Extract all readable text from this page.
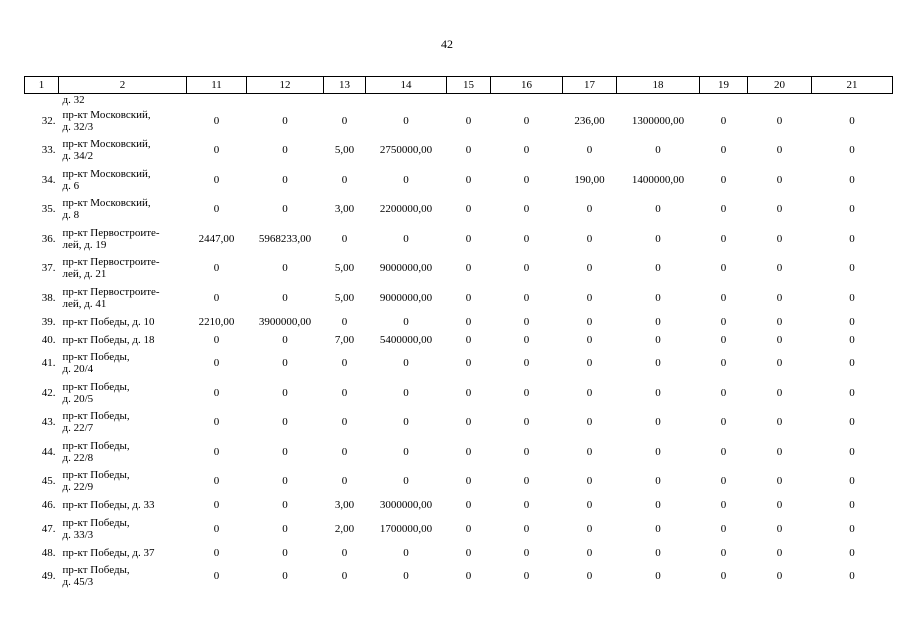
42
1	2	11	12	13	14	15	16	17	18	19	20	21
	д. 32											
32.	пр-кт Московский,
д. 32/3	0	0	0	0	0	0	236,00	1300000,00	0	0	0
33.	пр-кт Московский,
д. 34/2	0	0	5,00	2750000,00	0	0	0	0	0	0	0
34.	пр-кт Московский,
д. 6	0	0	0	0	0	0	190,00	1400000,00	0	0	0
35.	пр-кт Московский,
д. 8	0	0	3,00	2200000,00	0	0	0	0	0	0	0
36.	пр-кт Первостроите-
лей, д. 19	2447,00	5968233,00	0	0	0	0	0	0	0	0	0
37.	пр-кт Первостроите-
лей, д. 21	0	0	5,00	9000000,00	0	0	0	0	0	0	0
38.	пр-кт Первостроите-
лей, д. 41	0	0	5,00	9000000,00	0	0	0	0	0	0	0
39.	пр-кт Победы, д. 10	2210,00	3900000,00	0	0	0	0	0	0	0	0	0
40.	пр-кт Победы, д. 18	0	0	7,00	5400000,00	0	0	0	0	0	0	0
41.	пр-кт Победы,
д. 20/4	0	0	0	0	0	0	0	0	0	0	0
42.	пр-кт Победы,
д. 20/5	0	0	0	0	0	0	0	0	0	0	0
43.	пр-кт Победы,
д. 22/7	0	0	0	0	0	0	0	0	0	0	0
44.	пр-кт Победы,
д. 22/8	0	0	0	0	0	0	0	0	0	0	0
45.	пр-кт Победы,
д. 22/9	0	0	0	0	0	0	0	0	0	0	0
46.	пр-кт Победы, д. 33	0	0	3,00	3000000,00	0	0	0	0	0	0	0
47.	пр-кт Победы,
д. 33/3	0	0	2,00	1700000,00	0	0	0	0	0	0	0
48.	пр-кт Победы, д. 37	0	0	0	0	0	0	0	0	0	0	0
49.	пр-кт Победы,
д. 45/3	0	0	0	0	0	0	0	0	0	0	0
